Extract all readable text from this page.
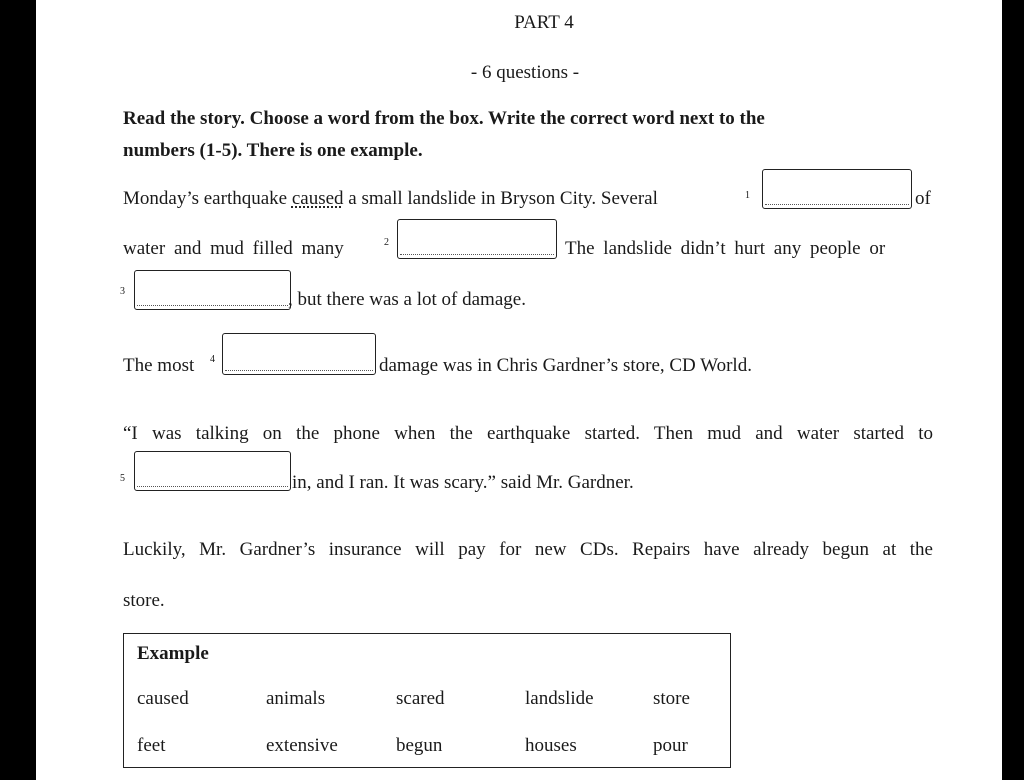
PART 4
- 6 questions -
Read the story. Choose a word from the box. Write the correct word next to the
numbers (1-5). There is one example.
Monday’s earthquake caused a small landslide in Bryson City. Several	1	of
water and mud filled many	2	The landslide didn’t hurt any people or
3	, but there was a lot of damage.
The most 4	damage was in Chris Gardner’s store, CD World.
“I was talking on the phone when the earthquake started. Then mud and water started to
5	in, and I ran. It was scary.” said Mr. Gardner.
Luckily, Mr. Gardner’s insurance will pay for new CDs. Repairs have already begun at the
store.
Example
caused	animals	scared	landslide	store
feet	extensive	begun	houses	pour
